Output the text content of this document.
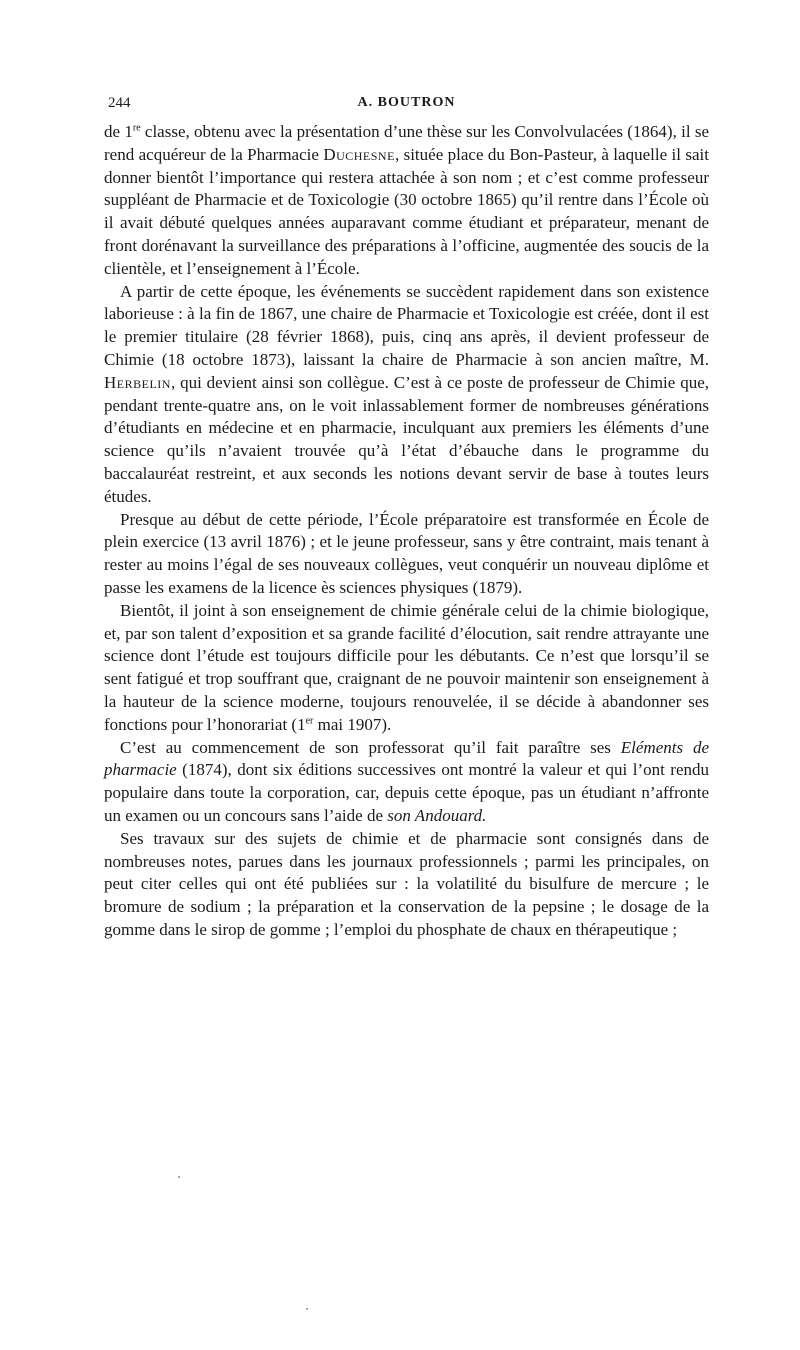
244	A. BOUTRON

de 1re classe, obtenu avec la présentation d’une thèse sur les Convolvulacées (1864), il se rend acquéreur de la Pharmacie Duchesne, située place du Bon-Pasteur, à laquelle il sait donner bientôt l’importance qui restera attachée à son nom ; et c’est comme professeur suppléant de Pharmacie et de Toxicologie (30 octobre 1865) qu’il rentre dans l’École où il avait débuté quelques années auparavant comme étudiant et préparateur, menant de front dorénavant la surveillance des préparations à l’officine, augmentée des soucis de la clientèle, et l’enseignement à l’École.

A partir de cette époque, les événements se succèdent rapidement dans son existence laborieuse : à la fin de 1867, une chaire de Pharmacie et Toxicologie est créée, dont il est le premier titulaire (28 février 1868), puis, cinq ans après, il devient professeur de Chimie (18 octobre 1873), laissant la chaire de Pharmacie à son ancien maître, M. Herbelin, qui devient ainsi son collègue. C’est à ce poste de professeur de Chimie que, pendant trente-quatre ans, on le voit inlassablement former de nombreuses générations d’étudiants en médecine et en pharmacie, inculquant aux premiers les éléments d’une science qu’ils n’avaient trouvée qu’à l’état d’ébauche dans le programme du baccalauréat restreint, et aux seconds les notions devant servir de base à toutes leurs études.

Presque au début de cette période, l’École préparatoire est transformée en École de plein exercice (13 avril 1876) ; et le jeune professeur, sans y être contraint, mais tenant à rester au moins l’égal de ses nouveaux collègues, veut conquérir un nouveau diplôme et passe les examens de la licence ès sciences physiques (1879).

Bientôt, il joint à son enseignement de chimie générale celui de la chimie biologique, et, par son talent d’exposition et sa grande facilité d’élocution, sait rendre attrayante une science dont l’étude est toujours difficile pour les débutants. Ce n’est que lorsqu’il se sent fatigué et trop souffrant que, craignant de ne pouvoir maintenir son enseignement à la hauteur de la science moderne, toujours renouvelée, il se décide à abandonner ses fonctions pour l’honorariat (1er mai 1907).

C’est au commencement de son professorat qu’il fait paraître ses Eléments de pharmacie (1874), dont six éditions successives ont montré la valeur et qui l’ont rendu populaire dans toute la corporation, car, depuis cette époque, pas un étudiant n’affronte un examen ou un concours sans l’aide de son Andouard.

Ses travaux sur des sujets de chimie et de pharmacie sont consignés dans de nombreuses notes, parues dans les journaux professionnels ; parmi les principales, on peut citer celles qui ont été publiées sur : la volatilité du bisulfure de mercure ; le bromure de sodium ; la préparation et la conservation de la pepsine ; le dosage de la gomme dans le sirop de gomme ; l’emploi du phosphate de chaux en thérapeutique ;
